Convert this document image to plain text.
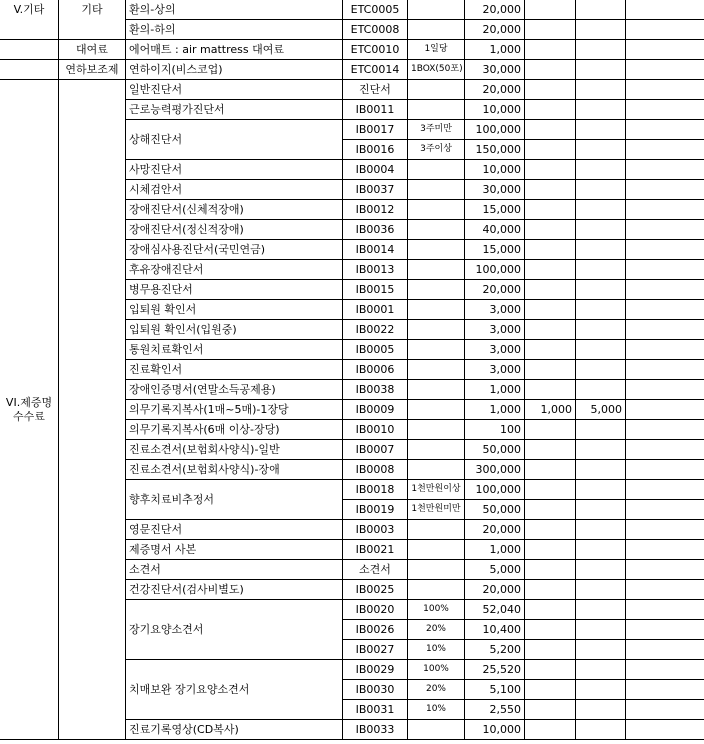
V.기타	기타	환의-상의	ETC0005		20,000			
		환의-하의	ETC0008		20,000			
	대여료	에어매트 : air mattress 대여료	ETC0010	1일당	1,000			
	연하보조제	연하이지(비스코업)	ETC0014	1BOX(50포)	30,000			
VI.제증명
수수료		일반진단서	진단서		20,000			
		근로능력평가진단서	IB0011		10,000			
		상해진단서	IB0017	3주미만	100,000			
			IB0016	3주이상	150,000			
		사망진단서	IB0004		10,000			
		시체검안서	IB0037		30,000			
		장애진단서(신체적장애)	IB0012		15,000			
		장애진단서(정신적장애)	IB0036		40,000			
		장애심사용진단서(국민연금)	IB0014		15,000			
		후유장애진단서	IB0013		100,000			
		병무용진단서	IB0015		20,000			
		입퇴원 확인서	IB0001		3,000			
		입퇴원 확인서(입원중)	IB0022		3,000			
		통원치료확인서	IB0005		3,000			
		진료확인서	IB0006		3,000			
		장애인증명서(연말소득공제용)	IB0038		1,000			
		의무기록지복사(1매~5매)-1장당	IB0009		1,000	1,000	5,000	
		의무기록지복사(6매 이상-장당)	IB0010		100			
		진료소견서(보험회사양식)-일반	IB0007		50,000			
		진료소견서(보험회사양식)-장애	IB0008		300,000			
		향후치료비추정서	IB0018	1천만원이상	100,000			
			IB0019	1천만원미만	50,000			
		영문진단서	IB0003		20,000			
		제증명서 사본	IB0021		1,000			
		소견서	소견서		5,000			
		건강진단서(검사비별도)	IB0025		20,000			
		장기요양소견서	IB0020	100%	52,040			
			IB0026	20%	10,400			
			IB0027	10%	5,200			
		치매보완 장기요양소견서	IB0029	100%	25,520			
			IB0030	20%	5,100			
			IB0031	10%	2,550			
		진료기록영상(CD복사)	IB0033		10,000			
